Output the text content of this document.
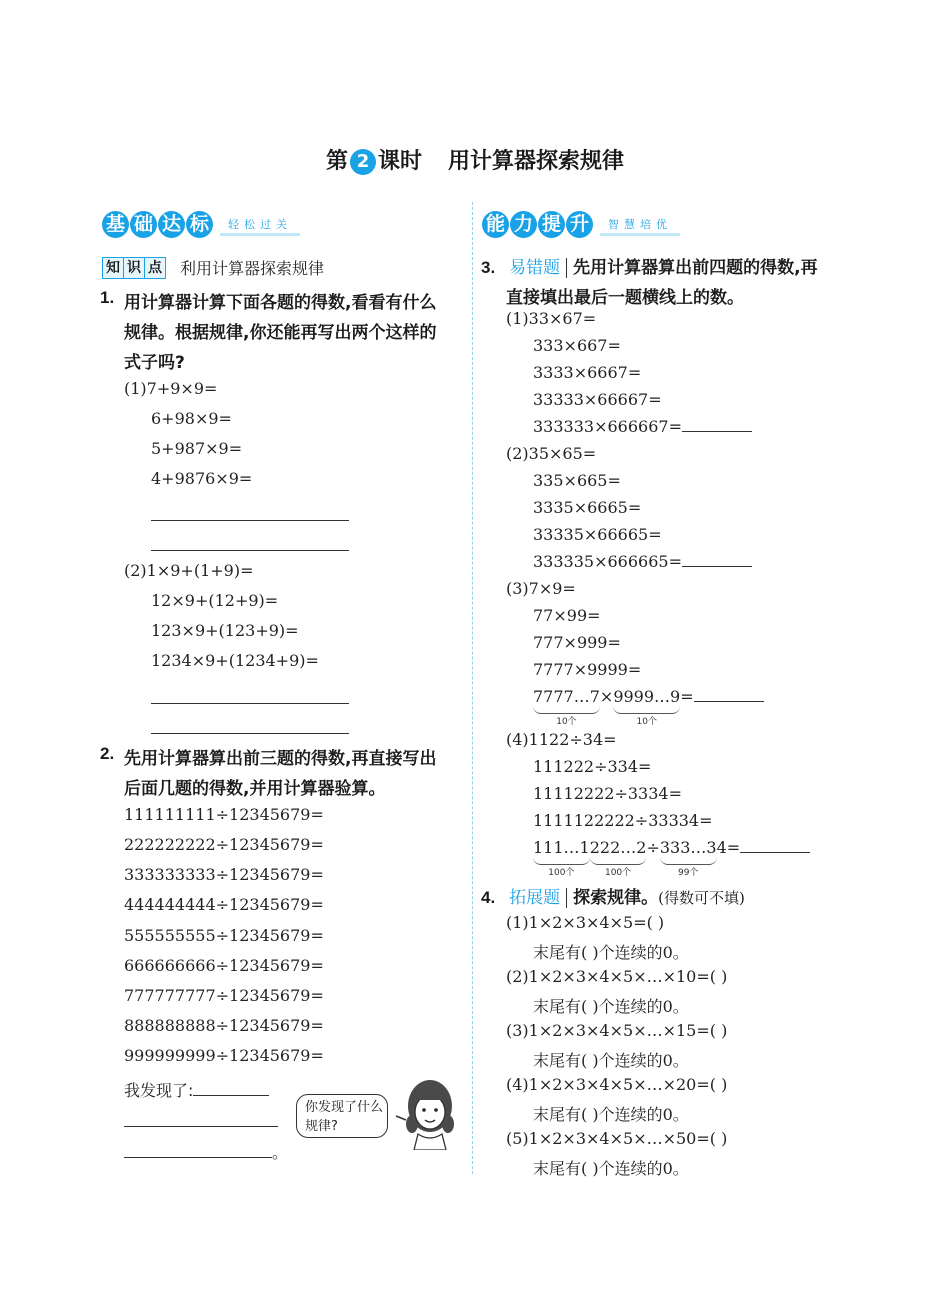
第 2 课时 用计算器探索规律
基 础 达 标	轻松过关	能 力 提 升	智慧培优
知 识 点 利用计算器探索规律
1. 用计算器计算下面各题的得数,看看有什么
规律。根据规律,你还能再写出两个这样的
式子吗?
(1)7+9×9=
6+98×9=
5+987×9=
4+9876×9=
(2)1×9+(1+9)=
12×9+(12+9)=
123×9+(123+9)=
1234×9+(1234+9)=
2. 先用计算器算出前三题的得数,再直接写出
后面几题的得数,并用计算器验算。
111111111÷12345679=
222222222÷12345679=
333333333÷12345679=
444444444÷12345679=
555555555÷12345679=
666666666÷12345679=
777777777÷12345679=
888888888÷12345679=
999999999÷12345679=
我发现了:
。
你发现了什么规律?
3. 易错题 先用计算器算出前四题的得数,再
直接填出最后一题横线上的数。
(1)33×67=
333×667=
3333×6667=
33333×66667=
333333×666667=
(2)35×65=
335×665=
3335×6665=
33335×66665=
333335×666665=
(3)7×9=
77×99=
777×999=
7777×9999=
7777…7
10个
×9999…9
10个
=
(4)1122÷34=
111222÷334=
11112222÷3334=
1111122222÷33334=
111…1
100个
222…2
100个
÷333…3
99个
4=
4. 拓展题 探索规律。(得数可不填)
(1)1×2×3×4×5=( )
末尾有( )个连续的0。
(2)1×2×3×4×5×…×10=( )
末尾有( )个连续的0。
(3)1×2×3×4×5×…×15=( )
末尾有( )个连续的0。
(4)1×2×3×4×5×…×20=( )
末尾有( )个连续的0。
(5)1×2×3×4×5×…×50=( )
末尾有( )个连续的0。
